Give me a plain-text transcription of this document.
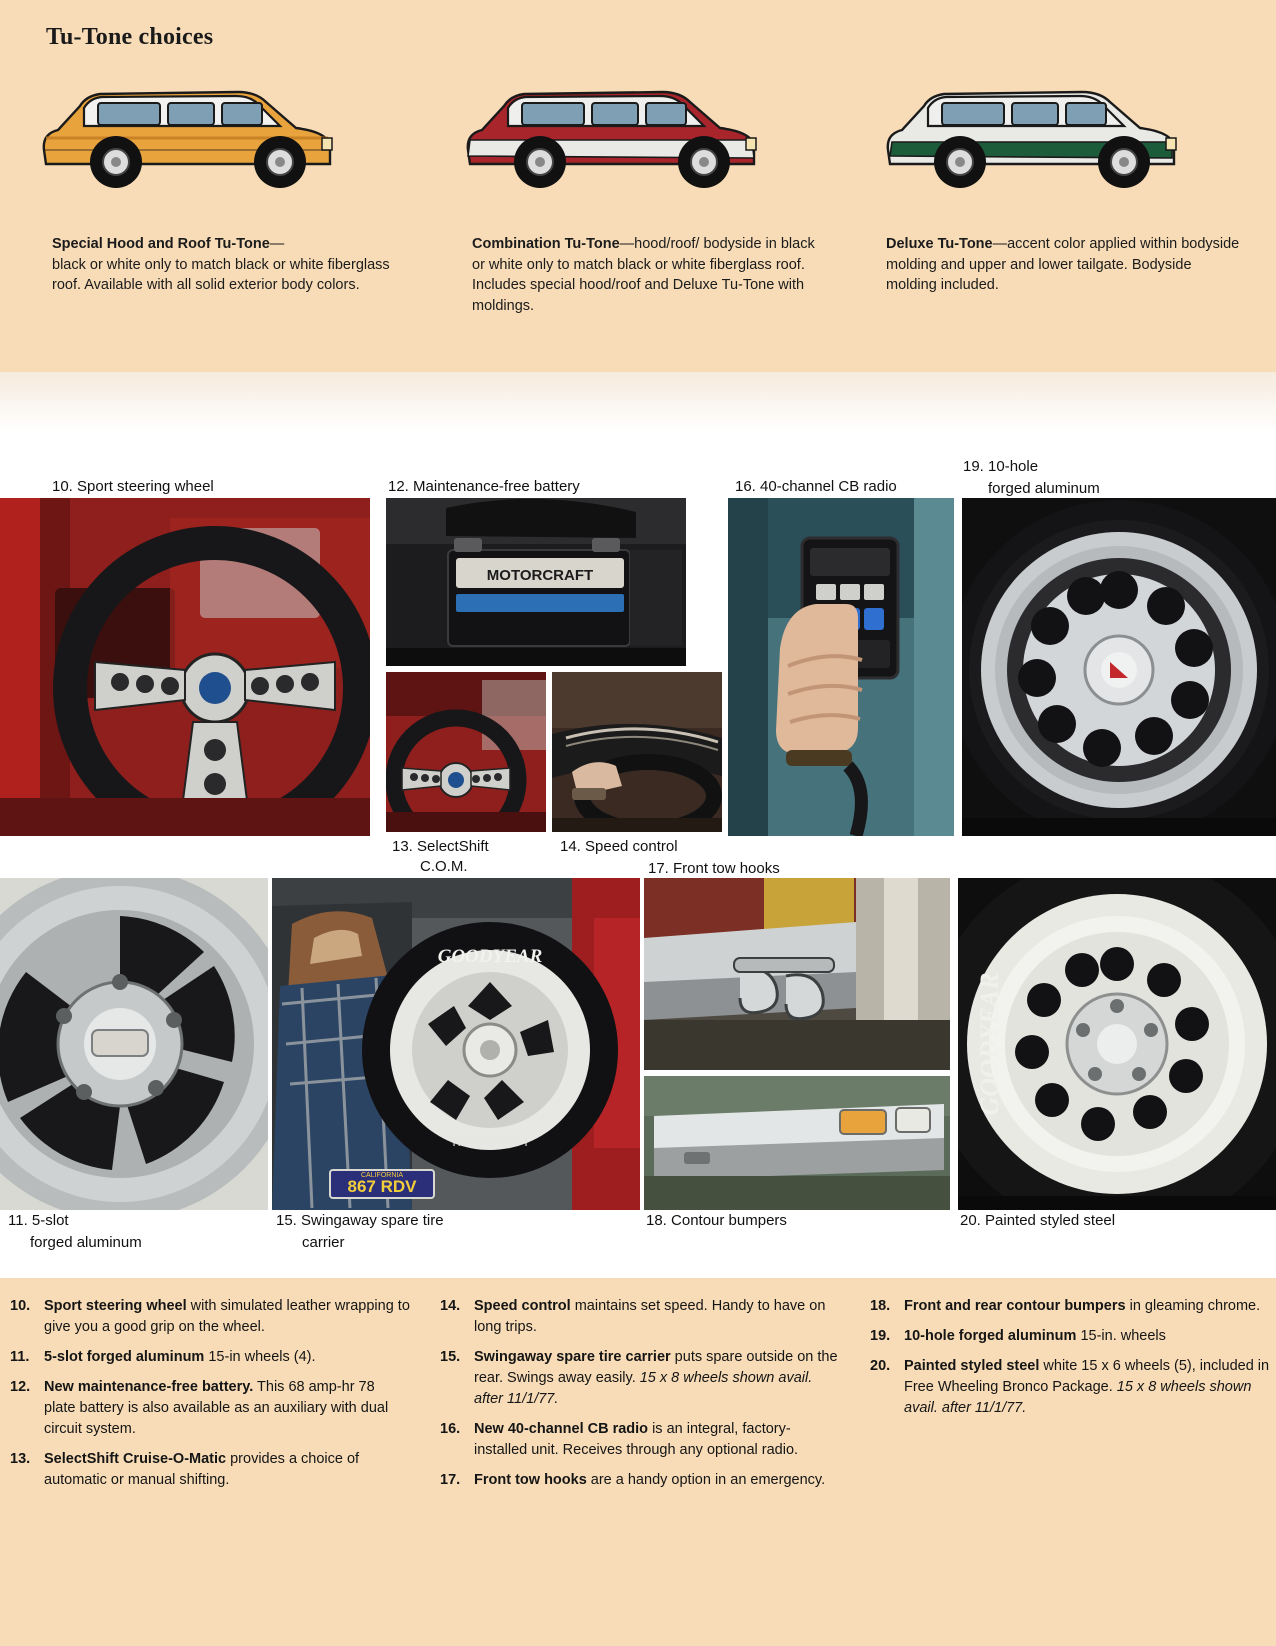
Tu-Tone choices
Special Hood and Roof Tu-Tone—
black or white only to match black or white fiberglass roof. Available with all solid exterior body colors.
Combination Tu-Tone—hood/roof/ bodyside in black or white only to match black or white fiberglass roof. Includes special hood/roof and Deluxe Tu-Tone with moldings.
Deluxe Tu-Tone—accent color applied within bodyside molding and upper and lower tailgate. Bodyside molding included.
10. Sport steering wheel	12. Maintenance-free battery	16. 40-channel CB radio
19. 10-hole
forged aluminum
MOTORCRAFT
13. SelectShift
C.O.M.
14. Speed control
17. Front tow hooks
GOODYEAR
TRACKER A-T
867 RDV
CALIFORNIA
GOODYEAR
11. 5-slot
forged aluminum
15. Swingaway spare tire
carrier
18. Contour bumpers	20. Painted styled steel
10. Sport steering wheel with simulated leather wrapping to give you a good grip on the wheel.
11. 5-slot forged aluminum 15-in wheels (4).
12. New maintenance-free battery. This 68 amp-hr 78 plate battery is also available as an auxiliary with dual circuit system.
13. SelectShift Cruise-O-Matic provides a choice of automatic or manual shifting.
14. Speed control maintains set speed. Handy to have on long trips.
15. Swingaway spare tire carrier puts spare outside on the rear. Swings away easily. 15 x 8 wheels shown avail. after 11/1/77.
16. New 40-channel CB radio is an integral, factory-installed unit. Receives through any optional radio.
17. Front tow hooks are a handy option in an emergency.
18. Front and rear contour bumpers in gleaming chrome.
19. 10-hole forged aluminum 15-in. wheels
20. Painted styled steel white 15 x 6 wheels (5), included in Free Wheeling Bronco Package. 15 x 8 wheels shown avail. after 11/1/77.
